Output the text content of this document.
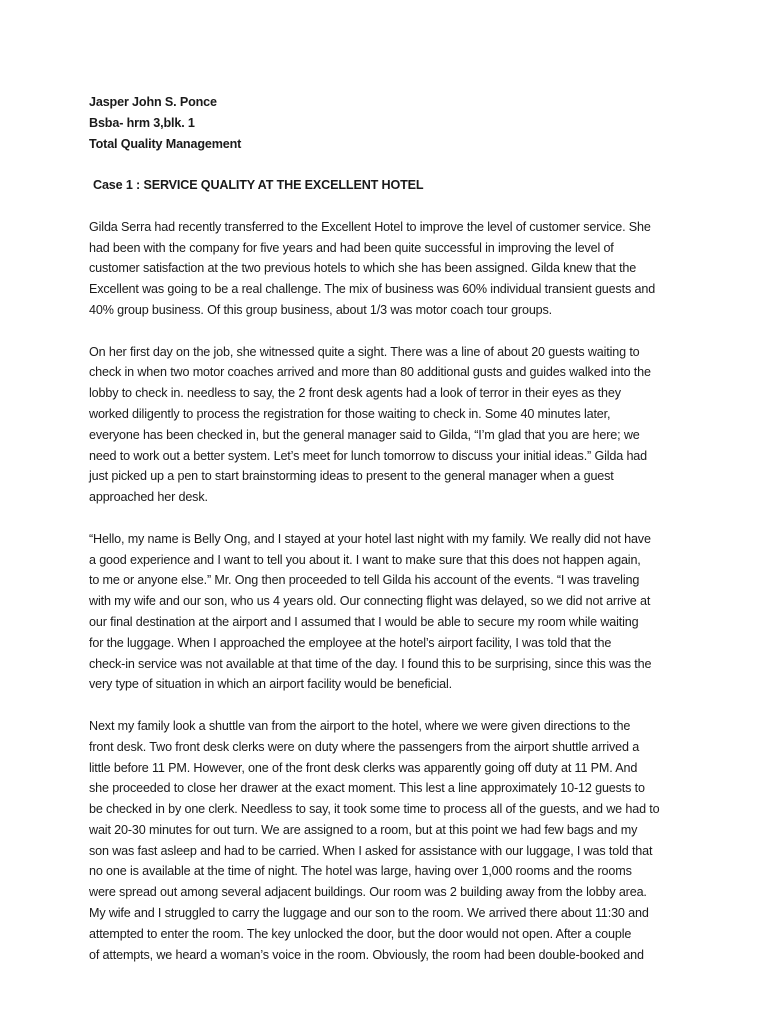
Jasper John S. Ponce
Bsba- hrm 3,blk. 1
Total Quality Management
Case 1 : SERVICE QUALITY AT THE EXCELLENT HOTEL
Gilda Serra had recently transferred to the Excellent Hotel to improve the level of customer service. She
had been with the company for five years and had been quite successful in improving the level of
customer satisfaction at the two previous hotels to which she has been assigned. Gilda knew that the
Excellent was going to be a real challenge. The mix of business was 60% individual transient guests and
40% group business. Of this group business, about 1/3 was motor coach tour groups.
On her first day on the job, she witnessed quite a sight. There was a line of about 20 guests waiting to
check in when two motor coaches arrived and more than 80 additional gusts and guides walked into the
lobby to check in. needless to say, the 2 front desk agents had a look of terror in their eyes as they
worked diligently to process the registration for those waiting to check in. Some 40 minutes later,
everyone has been checked in, but the general manager said to Gilda, “I’m glad that you are here; we
need to work out a better system. Let’s meet for lunch tomorrow to discuss your initial ideas.” Gilda had
just picked up a pen to start brainstorming ideas to present to the general manager when a guest
approached her desk.
“Hello, my name is Belly Ong, and I stayed at your hotel last night with my family. We really did not have
a good experience and I want to tell you about it. I want to make sure that this does not happen again,
to me or anyone else.” Mr. Ong then proceeded to tell Gilda his account of the events. “I was traveling
with my wife and our son, who us 4 years old. Our connecting flight was delayed, so we did not arrive at
our final destination at the airport and I assumed that I would be able to secure my room while waiting
for the luggage. When I approached the employee at the hotel’s airport facility, I was told that the
check-in service was not available at that time of the day. I found this to be surprising, since this was the
very type of situation in which an airport facility would be beneficial.
Next my family look a shuttle van from the airport to the hotel, where we were given directions to the
front desk. Two front desk clerks were on duty where the passengers from the airport shuttle arrived a
little before 11 PM. However, one of the front desk clerks was apparently going off duty at 11 PM. And
she proceeded to close her drawer at the exact moment. This lest a line approximately 10-12 guests to
be checked in by one clerk. Needless to say, it took some time to process all of the guests, and we had to
wait 20-30 minutes for out turn. We are assigned to a room, but at this point we had few bags and my
son was fast asleep and had to be carried. When I asked for assistance with our luggage, I was told that
no one is available at the time of night. The hotel was large, having over 1,000 rooms and the rooms
were spread out among several adjacent buildings. Our room was 2 building away from the lobby area.
My wife and I struggled to carry the luggage and our son to the room. We arrived there about 11:30 and
attempted to enter the room. The key unlocked the door, but the door would not open. After a couple
of attempts, we heard a woman’s voice in the room. Obviously, the room had been double-booked and
